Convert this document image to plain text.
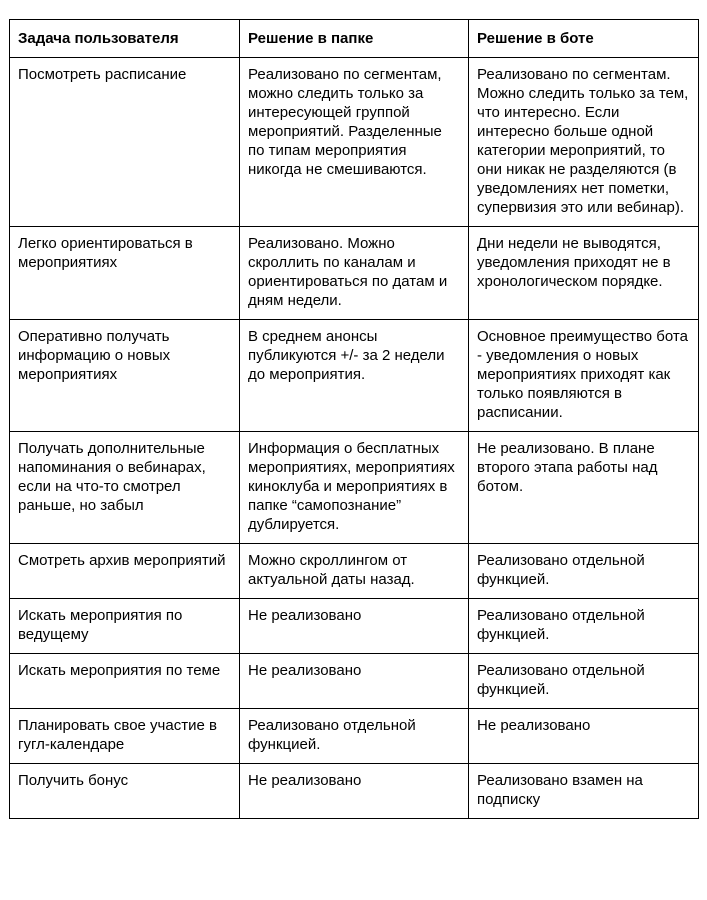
Задача пользователя	Решение в папке	Решение в боте
Посмотреть расписание	Реализовано по сегментам, можно следить только за интересующей группой мероприятий. Разделенные по типам мероприятия никогда не смешиваются.	Реализовано по сегментам. Можно следить только за тем, что интересно. Если интересно больше одной категории мероприятий, то они никак не разделяются (в уведомлениях нет пометки, супервизия это или вебинар).
Легко ориентироваться в мероприятиях	Реализовано. Можно скроллить по каналам и ориентироваться по датам и дням недели.	Дни недели не выводятся, уведомления приходят не в хронологическом порядке.
Оперативно получать информацию о новых мероприятиях	В среднем анонсы публикуются +/- за 2 недели до мероприятия.	Основное преимущество бота - уведомления о новых мероприятиях приходят как только появляются в расписании.
Получать дополнительные напоминания о вебинарах, если на что-то смотрел раньше, но забыл	Информация о бесплатных мероприятиях, мероприятиях киноклуба и мероприятиях в папке “самопознание” дублируется.	Не реализовано. В плане второго этапа работы над ботом.
Смотреть архив мероприятий	Можно скроллингом от актуальной даты назад.	Реализовано отдельной функцией.
Искать мероприятия по ведущему	Не реализовано	Реализовано отдельной функцией.
Искать мероприятия по теме	Не реализовано	Реализовано отдельной функцией.
Планировать свое участие в гугл-календаре	Реализовано отдельной функцией.	Не реализовано
Получить бонус	Не реализовано	Реализовано взамен на подписку
